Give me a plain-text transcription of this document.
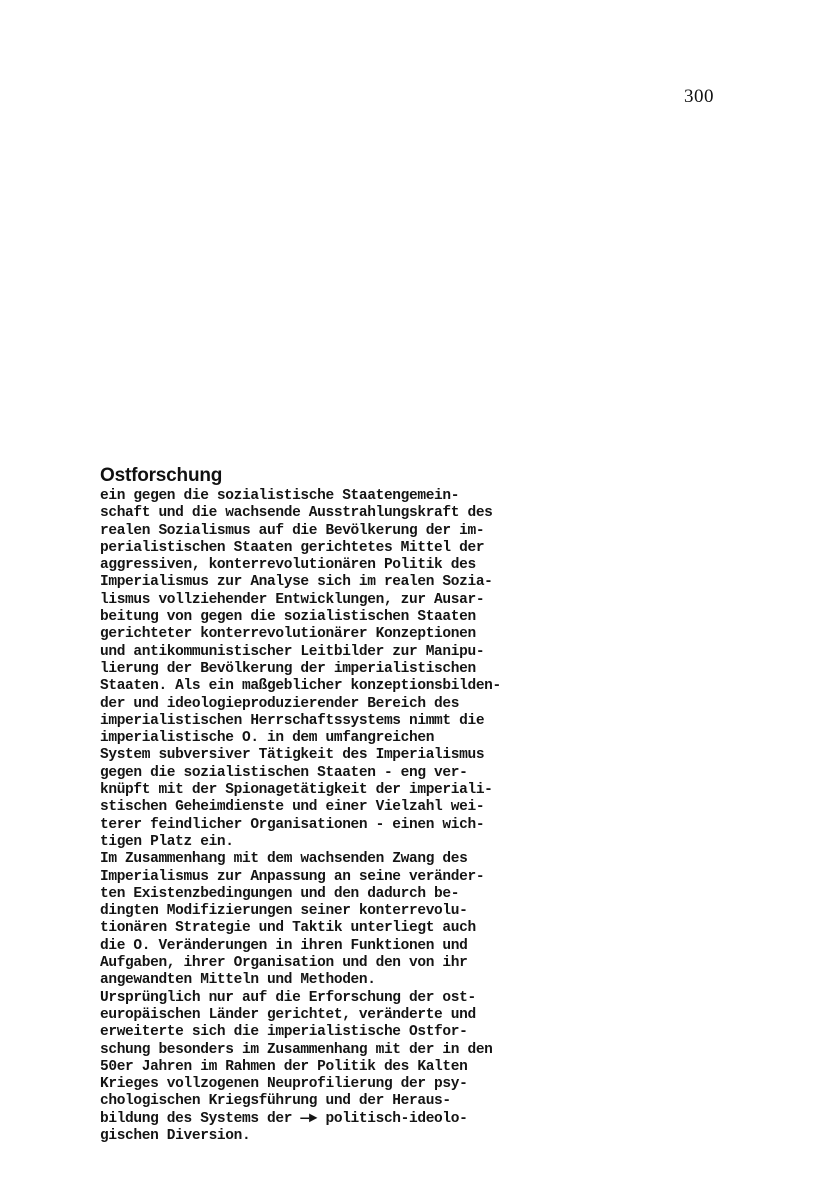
300

Ostforschung
ein gegen die sozialistische Staatengemein-
schaft und die wachsende Ausstrahlungskraft des
realen Sozialismus auf die Bevölkerung der im-
perialistischen Staaten gerichtetes Mittel der
aggressiven, konterrevolutionären Politik des
Imperialismus zur Analyse sich im realen Sozia-
lismus vollziehender Entwicklungen, zur Ausar-
beitung von gegen die sozialistischen Staaten
gerichteter konterrevolutionärer Konzeptionen
und antikommunistischer Leitbilder zur Manipu-
lierung der Bevölkerung der imperialistischen
Staaten. Als ein maßgeblicher konzeptionsbilden-
der und ideologieproduzierender Bereich des
imperialistischen Herrschaftssystems nimmt die
imperialistische O. in dem umfangreichen
System subversiver Tätigkeit des Imperialismus
gegen die sozialistischen Staaten - eng ver-
knüpft mit der Spionagetätigkeit der imperiali-
stischen Geheimdienste und einer Vielzahl wei-
terer feindlicher Organisationen - einen wich-
tigen Platz ein.
Im Zusammenhang mit dem wachsenden Zwang des
Imperialismus zur Anpassung an seine veränder-
ten Existenzbedingungen und den dadurch be-
dingten Modifizierungen seiner konterrevolu-
tionären Strategie und Taktik unterliegt auch
die O. Veränderungen in ihren Funktionen und
Aufgaben, ihrer Organisation und den von ihr
angewandten Mitteln und Methoden.
Ursprünglich nur auf die Erforschung der ost-
europäischen Länder gerichtet, veränderte und
erweiterte sich die imperialistische Ostfor-
schung besonders im Zusammenhang mit der in den
50er Jahren im Rahmen der Politik des Kalten
Krieges vollzogenen Neuprofilierung der psy-
chologischen Kriegsführung und der Heraus-
bildung des Systems der —► politisch-ideolo-
gischen Diversion.
